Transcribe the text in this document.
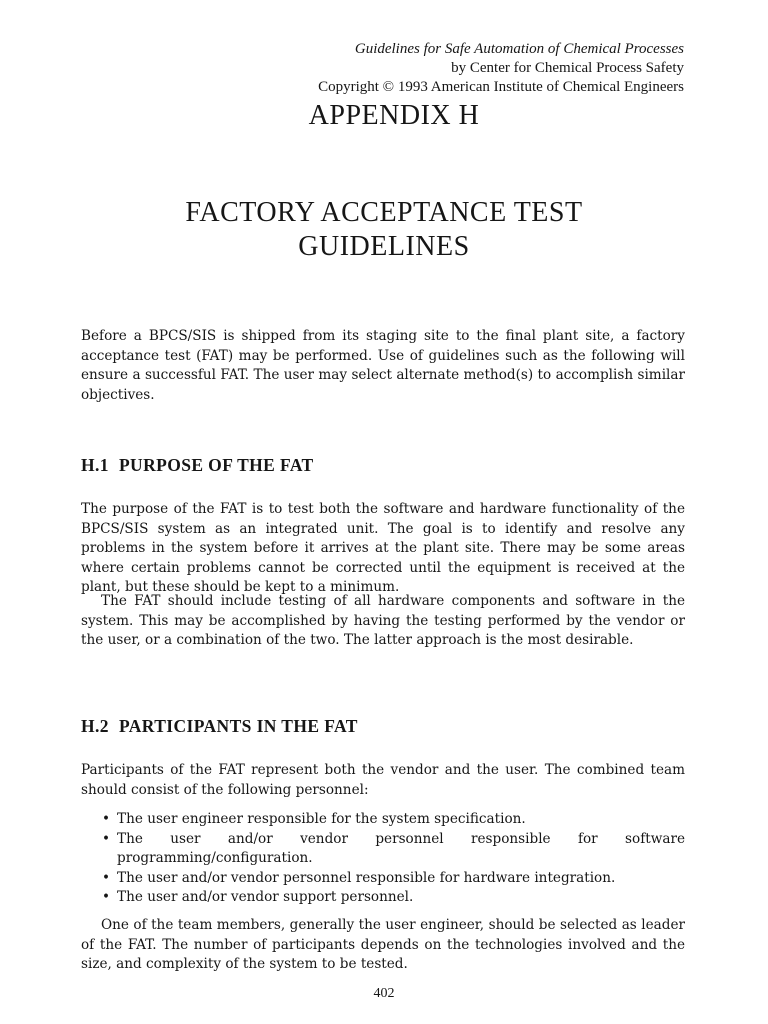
Guidelines for Safe Automation of Chemical Processes
by Center for Chemical Process Safety
Copyright © 1993 American Institute of Chemical Engineers
APPENDIX H
FACTORY ACCEPTANCE TEST
GUIDELINES

Before a BPCS/SIS is shipped from its staging site to the final plant site, a factory acceptance test (FAT) may be performed. Use of guidelines such as the following will ensure a successful FAT. The user may select alternate method(s) to accomplish similar objectives.

H.1 PURPOSE OF THE FAT

The purpose of the FAT is to test both the software and hardware functionality of the BPCS/SIS system as an integrated unit. The goal is to identify and resolve any problems in the system before it arrives at the plant site. There may be some areas where certain problems cannot be corrected until the equipment is received at the plant, but these should be kept to a minimum.

The FAT should include testing of all hardware components and software in the system. This may be accomplished by having the testing performed by the vendor or the user, or a combination of the two. The latter approach is the most desirable.

H.2 PARTICIPANTS IN THE FAT

Participants of the FAT represent both the vendor and the user. The combined team should consist of the following personnel:

• The user engineer responsible for the system specification.
• The user and/or vendor personnel responsible for software programming/configuration.
• The user and/or vendor personnel responsible for hardware integration.
• The user and/or vendor support personnel.

One of the team members, generally the user engineer, should be selected as leader of the FAT. The number of participants depends on the technologies involved and the size, and complexity of the system to be tested.

402
